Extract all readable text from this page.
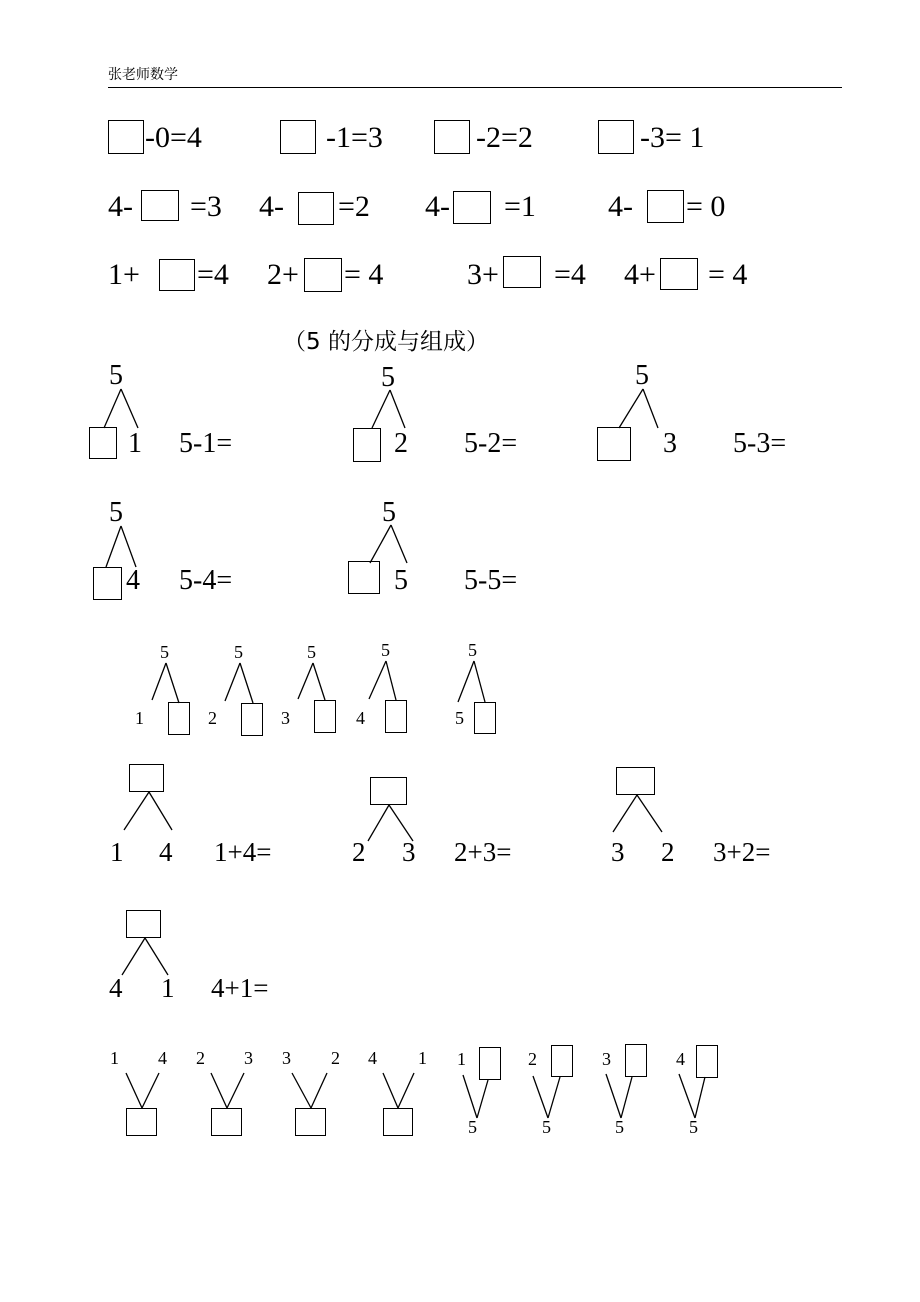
张老师数学
-0=4	-1=3	-2=2	-3= 1
4- =3 4- =2 4- =1 4- = 0
1+ =4 2+ = 4	3+ =4 4+ = 4
（5 的分成与组成）
5
1 5-1=
5
2 5-2=
5
3 5-3=
5
4 5-4=
5
5 5-5=
5
1
5
2
5
3
5
4
5
5
1 4 1+4=	2 3 2+3=	3 2 3+2=
4 1 4+1=
1 4 2 3 3 2 4 1 1
5
2
5
3
5
4
5
